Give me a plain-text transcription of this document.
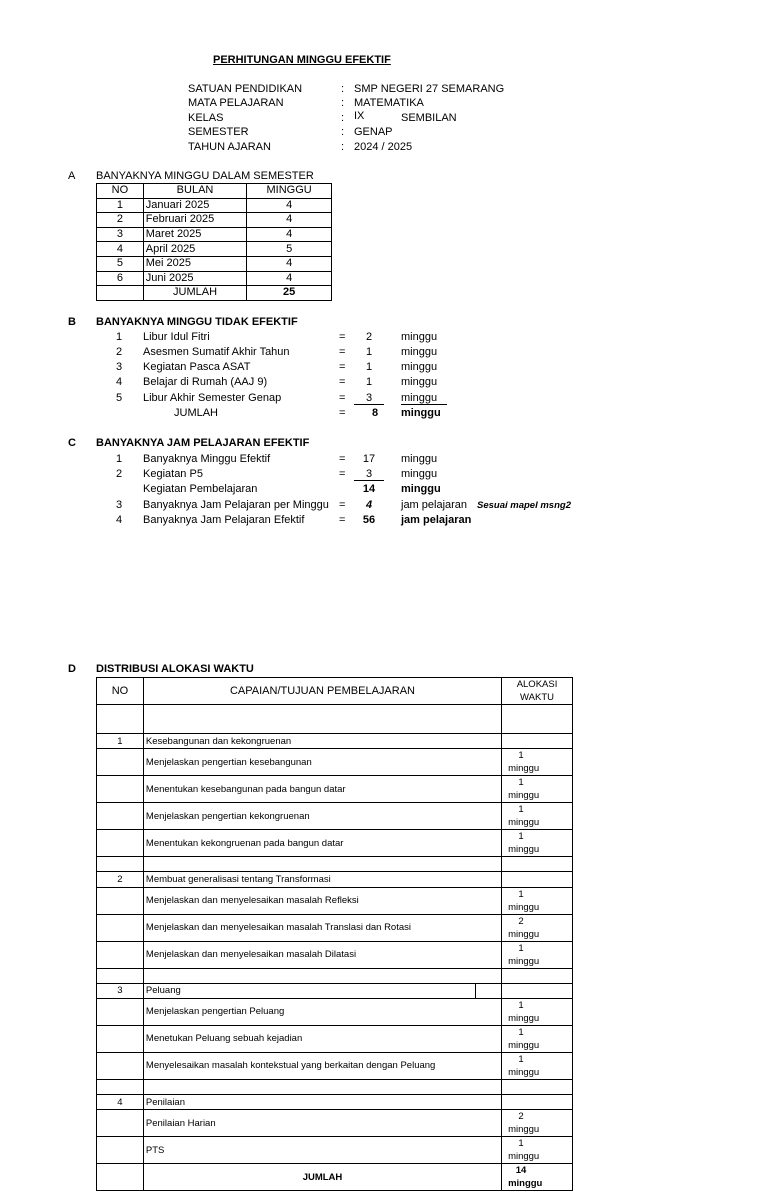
PERHITUNGAN MINGGU EFEKTIF
SATUAN PENDIDIKAN	: SMP NEGERI 27 SEMARANG
MATA PELAJARAN	: MATEMATIKA
KELAS	: IX	SEMBILAN
SEMESTER	: GENAP
TAHUN AJARAN	: 2024 / 2025
A BANYAKNYA MINGGU DALAM SEMESTER
NO	BULAN	MINGGU
1	Januari 2025	4
2	Februari 2025	4
3	Maret 2025	4
4	April 2025	5
5	Mei 2025	4
6	Juni 2025	4
	JUMLAH	25
B BANYAKNYA MINGGU TIDAK EFEKTIF
1 Libur Idul Fitri	=	2	minggu
2 Asesmen Sumatif Akhir Tahun	=	1	minggu
3 Kegiatan Pasca ASAT	=	1	minggu
4 Belajar di Rumah (AAJ 9)	=	1	minggu
5 Libur Akhir Semester Genap	=	3	minggu
JUMLAH	= 8 minggu
C BANYAKNYA JAM PELAJARAN EFEKTIF
1 Banyaknya Minggu Efektif	=	17	minggu
2 Kegiatan P5	=	3	minggu
Kegiatan Pembelajaran	14	minggu
3 Banyaknya Jam Pelajaran per Minggu =	4	jam pelajaran Sesuai mapel msng2
4 Banyaknya Jam Pelajaran Efektif	=	56	jam pelajaran
D DISTRIBUSI ALOKASI WAKTU
NO	CAPAIAN/TUJUAN PEMBELAJARAN		ALOKASI WAKTU

1	Kesebangunan dan kekongruenan		
	Menjelaskan pengertian kesebangunan		1minggu
	Menentukan kesebangunan pada bangun datar		1minggu
	Menjelaskan pengertian kekongruenan		1minggu
	Menentukan kekongruenan pada bangun datar		1minggu

2	Membuat generalisasi tentang Transformasi		
	Menjelaskan dan menyelesaikan masalah Refleksi		1minggu
	Menjelaskan dan menyelesaikan masalah Translasi dan Rotasi		2minggu
	Menjelaskan dan menyelesaikan masalah Dilatasi		1minggu

3	Peluang		
	Menjelaskan pengertian Peluang		1minggu
	Menetukan Peluang sebuah kejadian		1minggu
	Menyelesaikan masalah kontekstual yang berkaitan dengan Peluang		1minggu

4	Penilaian		
	Penilaian Harian		2minggu
	PTS		1minggu
	JUMLAH		14minggu
